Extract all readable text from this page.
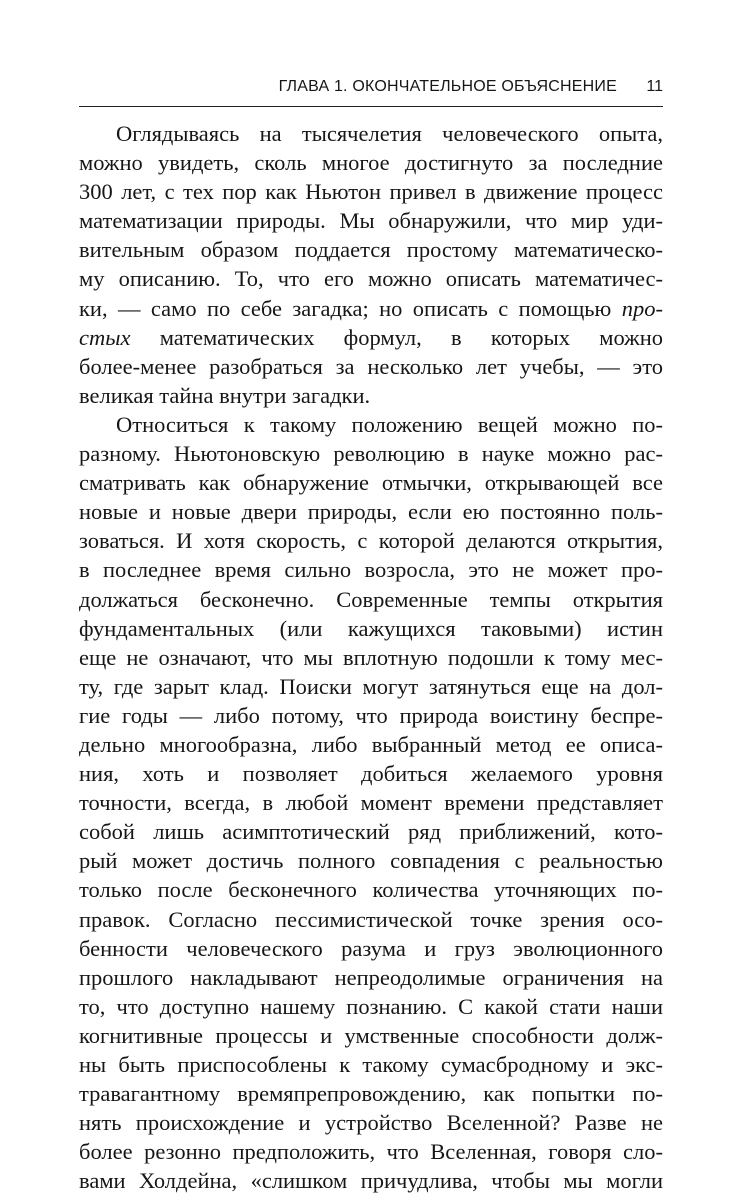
ГЛАВА 1. ОКОНЧАТЕЛЬНОЕ ОБЪЯСНЕНИЕ 11
Оглядываясь на тысячелетия человеческого опыта,
можно увидеть, сколь многое достигнуто за последние
300 лет, с тех пор как Ньютон привел в движение процесс
математизации природы. Мы обнаружили, что мир уди-
вительным образом поддается простому математическо-
му описанию. То, что его можно описать математичес-
ки, — само по себе загадка; но описать с помощью про-
стых математических формул, в которых можно
более-менее разобраться за несколько лет учебы, — это
великая тайна внутри загадки.
Относиться к такому положению вещей можно по-
разному. Ньютоновскую революцию в науке можно рас-
сматривать как обнаружение отмычки, открывающей все
новые и новые двери природы, если ею постоянно поль-
зоваться. И хотя скорость, с которой делаются открытия,
в последнее время сильно возросла, это не может про-
должаться бесконечно. Современные темпы открытия
фундаментальных (или кажущихся таковыми) истин
еще не означают, что мы вплотную подошли к тому мес-
ту, где зарыт клад. Поиски могут затянуться еще на дол-
гие годы — либо потому, что природа воистину беспре-
дельно многообразна, либо выбранный метод ее описа-
ния, хоть и позволяет добиться желаемого уровня
точности, всегда, в любой момент времени представляет
собой лишь асимптотический ряд приближений, кото-
рый может достичь полного совпадения с реальностью
только после бесконечного количества уточняющих по-
правок. Согласно пессимистической точке зрения осо-
бенности человеческого разума и груз эволюционного
прошлого накладывают непреодолимые ограничения на
то, что доступно нашему познанию. С какой стати наши
когнитивные процессы и умственные способности долж-
ны быть приспособлены к такому сумасбродному и экс-
травагантному времяпрепровождению, как попытки по-
нять происхождение и устройство Вселенной? Разве не
более резонно предположить, что Вселенная, говоря сло-
вами Холдейна, «слишком причудлива, чтобы мы могли
